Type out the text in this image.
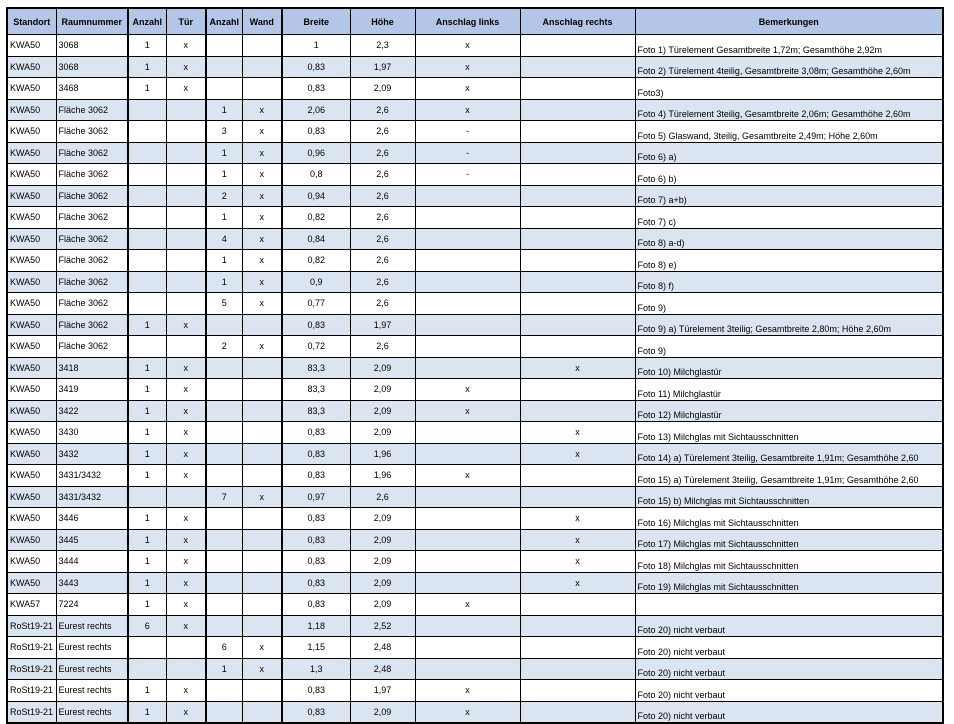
Standort	Raumnummer	Anzahl	Tür	Anzahl	Wand	Breite	Höhe	Anschlag links	Anschlag rechts	Bemerkungen
KWA50	3068	1	x			1	2,3	x		Foto 1) Türelement Gesamtbreite 1,72m; Gesamthöhe 2,92m
KWA50	3068	1	x			0,83	1,97	x		Foto 2) Türelement 4teilig, Gesamtbreite 3,08m; Gesamthöhe 2,60m
KWA50	3468	1	x			0,83	2,09	x		Foto3)
KWA50	Fläche 3062			1	x	2,06	2,6	x		Foto 4) Türelement 3teilig, Gesamtbreite 2,06m; Gesamthöhe 2,60m
KWA50	Fläche 3062			3	x	0,83	2,6	-		Foto 5) Glaswand, 3teilig, Gesamtbreite 2,49m; Höhe 2,60m
KWA50	Fläche 3062			1	x	0,96	2,6	-		Foto 6) a)
KWA50	Fläche 3062			1	x	0,8	2,6	-		Foto 6) b)
KWA50	Fläche 3062			2	x	0,94	2,6			Foto 7) a+b)
KWA50	Fläche 3062			1	x	0,82	2,6			Foto 7) c)
KWA50	Fläche 3062			4	x	0,84	2,6			Foto 8) a-d)
KWA50	Fläche 3062			1	x	0,82	2,6			Foto 8) e)
KWA50	Fläche 3062			1	x	0,9	2,6			Foto 8) f)
KWA50	Fläche 3062			5	x	0,77	2,6			Foto 9)
KWA50	Fläche 3062	1	x			0,83	1,97			Foto 9) a) Türelement 3teilig; Gesamtbreite 2,80m; Höhe 2,60m
KWA50	Fläche 3062			2	x	0,72	2,6			Foto 9)
KWA50	3418	1	x			83,3	2,09		x	Foto 10) Milchglastür
KWA50	3419	1	x			83,3	2,09	x		Foto 11) Milchglastür
KWA50	3422	1	x			83,3	2,09	x		Foto 12) Milchglastür
KWA50	3430	1	x			0,83	2,09		x	Foto 13) Milchglas mit Sichtausschnitten
KWA50	3432	1	x			0,83	1,96		x	Foto 14) a) Türelement 3teilig, Gesamtbreite 1,91m; Gesamthöhe 2,60
KWA50	3431/3432	1	x			0,83	1,96	x		Foto 15) a) Türelement 3teilig, Gesamtbreite 1,91m; Gesamthöhe 2,60
KWA50	3431/3432			7	x	0,97	2,6			Foto 15) b) Milchglas mit Sichtausschnitten
KWA50	3446	1	x			0,83	2,09		x	Foto 16) Milchglas mit Sichtausschnitten
KWA50	3445	1	x			0,83	2,09		x	Foto 17) Milchglas mit Sichtausschnitten
KWA50	3444	1	x			0,83	2,09		x	Foto 18) Milchglas mit Sichtausschnitten
KWA50	3443	1	x			0,83	2,09		x	Foto 19) Milchglas mit Sichtausschnitten
KWA57	7224	1	x			0,83	2,09	x		
RoSt19-21	Eurest rechts	6	x			1,18	2,52			Foto 20) nicht verbaut
RoSt19-21	Eurest rechts			6	x	1,15	2,48			Foto 20) nicht verbaut
RoSt19-21	Eurest rechts			1	x	1,3	2,48			Foto 20) nicht verbaut
RoSt19-21	Eurest rechts	1	x			0,83	1,97	x		Foto 20) nicht verbaut
RoSt19-21	Eurest rechts	1	x			0,83	2,09	x		Foto 20) nicht verbaut
